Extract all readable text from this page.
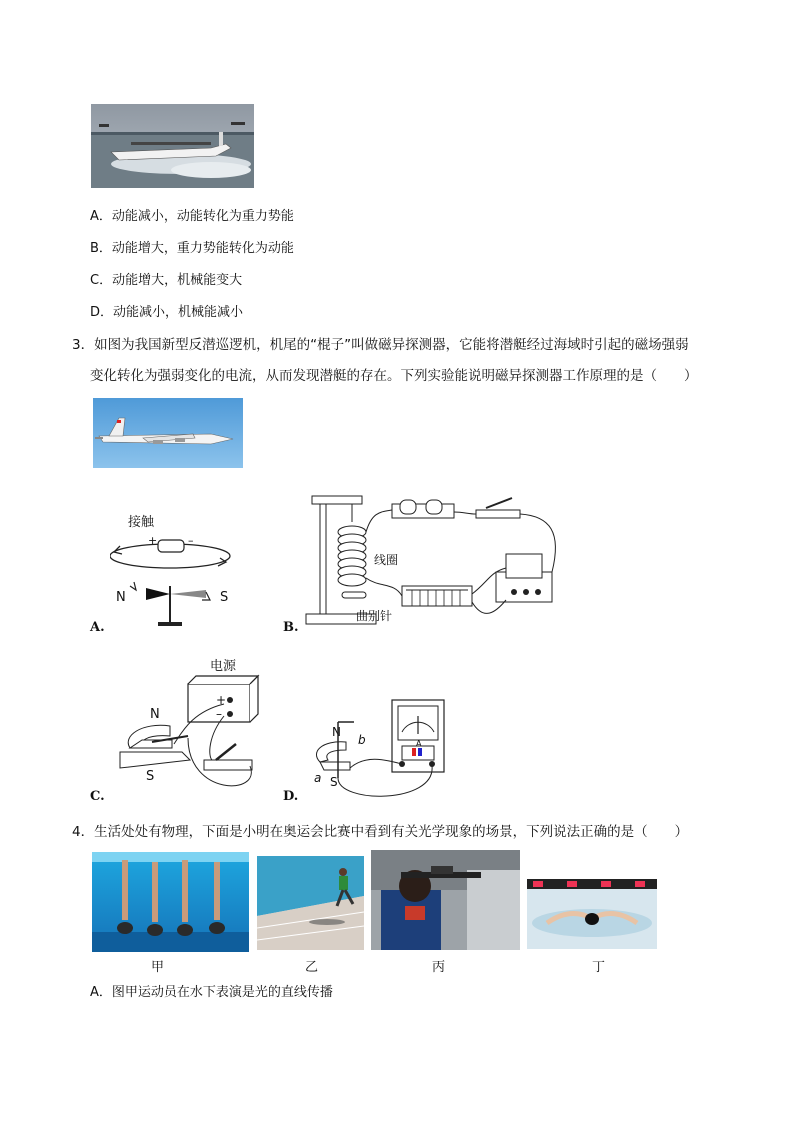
A．动能减小，动能转化为重力势能
B．动能增大，重力势能转化为动能
C．动能增大，机械能变大
D．动能减小，机械能减小
3．如图为我国新型反潜巡逻机，机尾的“棍子”叫做磁异探测器，它能将潜艇经过海域时引起的磁场强弱
变化转化为强弱变化的电流，从而发现潜艇的存在。下列实验能说明磁异探测器工作原理的是（　　）
接触
+	–
N	S
A.
线圈
曲别针
B.
电源
+
–
N
S
C.
N
b
a S
A
D.
4．生活处处有物理，下面是小明在奥运会比赛中看到有关光学现象的场景，下列说法正确的是（　　）
甲	乙	丙	丁
A．图甲运动员在水下表演是光的直线传播
